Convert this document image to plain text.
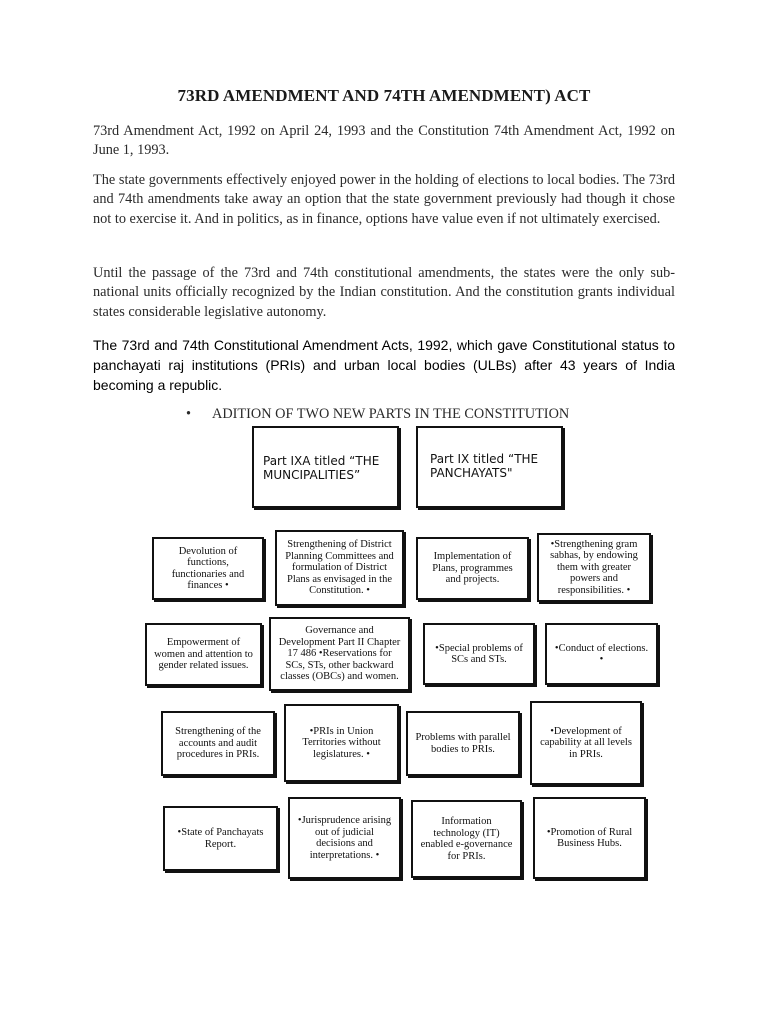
73RD AMENDMENT AND 74TH AMENDMENT) ACT

73rd Amendment Act, 1992 on April 24, 1993 and the Constitution 74th Amendment Act, 1992 on June 1, 1993.

The state governments effectively enjoyed power in the holding of elections to local bodies. The 73rd and 74th amendments take away an option that the state government previously had though it chose not to exercise it. And in politics, as in finance, options have value even if not ultimately exercised.

Until the passage of the 73rd and 74th constitutional amendments, the states were the only sub- national units officially recognized by the Indian constitution. And the constitution grants individual states considerable legislative autonomy.

The 73rd and 74th Constitutional Amendment Acts, 1992, which gave Constitutional status to panchayati raj institutions (PRIs) and urban local bodies (ULBs) after 43 years of India becoming a republic.

• ADITION OF TWO NEW PARTS IN THE CONSTITUTION
Part IXA titled “THE MUNCIPALITIES”
Part IX titled “THE PANCHAYATS"
Devolution of functions, functionaries and finances •
Strengthening of District Planning Committees and formulation of District Plans as envisaged in the Constitution. •
Implementation of Plans, programmes and projects.
•Strengthening gram sabhas, by endowing them with greater powers and responsibilities. •
Empowerment of women and attention to gender related issues.
Governance and Development Part II Chapter 17 486 •Reservations for SCs, STs, other backward classes (OBCs) and women.
•Special problems of SCs and STs.
•Conduct of elections. •
Strengthening of the accounts and audit procedures in PRIs.
•PRIs in Union Territories without legislatures. •
Problems with parallel bodies to PRIs.
•Development of capability at all levels in PRIs.
•State of Panchayats Report.
•Jurisprudence arising out of judicial decisions and interpretations. •
Information technology (IT) enabled e-governance for PRIs.
•Promotion of Rural Business Hubs.
